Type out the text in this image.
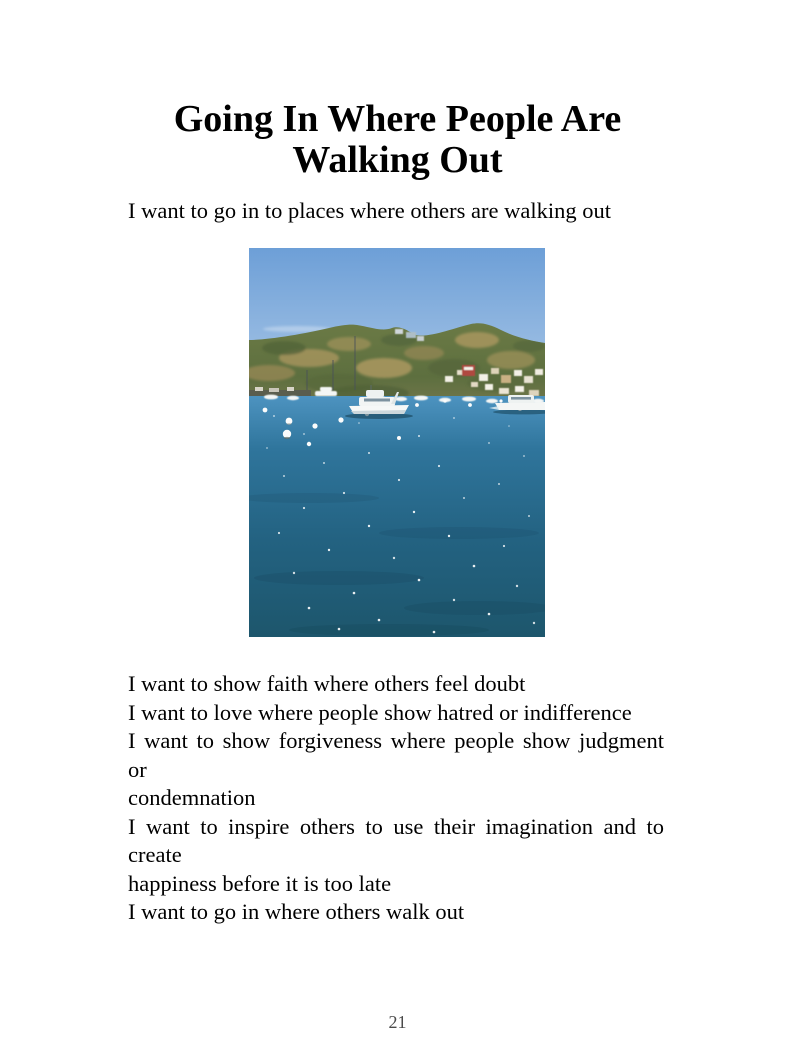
Going In Where People Are
Walking Out

I want to go in to places where others are walking out

I want to show faith where others feel doubt
I want to love where people show hatred or indifference
I want to show forgiveness where people show judgment or
condemnation
I want to inspire others to use their imagination and to
create
happiness before it is too late
I want to go in where others walk out
21
